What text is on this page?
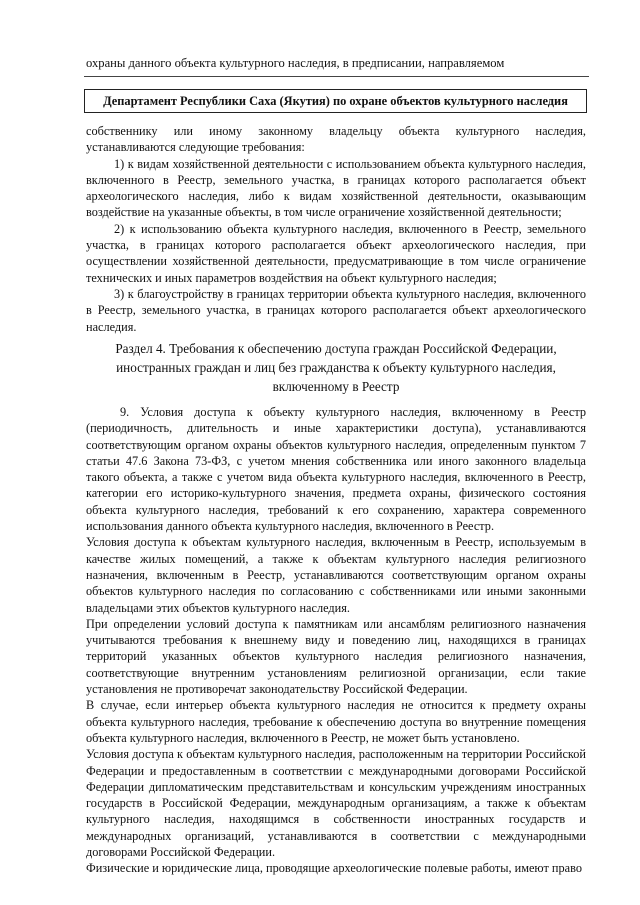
охраны данного объекта культурного наследия, в предписании, направляемом
Департамент Республики Саха (Якутия) по охране объектов культурного наследия

собственнику или иному законному владельцу объекта культурного наследия, устанавливаются следующие требования:

1) к видам хозяйственной деятельности с использованием объекта культурного наследия, включенного в Реестр, земельного участка, в границах которого располагается объект археологического наследия, либо к видам хозяйственной деятельности, оказывающим воздействие на указанные объекты, в том числе ограничение хозяйственной деятельности;

2) к использованию объекта культурного наследия, включенного в Реестр, земельного участка, в границах которого располагается объект археологического наследия, при осуществлении хозяйственной деятельности, предусматривающие в том числе ограничение технических и иных параметров воздействия на объект культурного наследия;

3) к благоустройству в границах территории объекта культурного наследия, включенного в Реестр, земельного участка, в границах которого располагается объект археологического наследия.

Раздел 4. Требования к обеспечению доступа граждан Российской Федерации,
иностранных граждан и лиц без гражданства к объекту культурного наследия,
включенному в Реестр

9. Условия доступа к объекту культурного наследия, включенному в Реестр (периодичность, длительность и иные характеристики доступа), устанавливаются соответствующим органом охраны объектов культурного наследия, определенным пунктом 7 статьи 47.6 Закона 73-ФЗ, с учетом мнения собственника или иного законного владельца такого объекта, а также с учетом вида объекта культурного наследия, включенного в Реестр, категории его историко-культурного значения, предмета охраны, физического состояния объекта культурного наследия, требований к его сохранению, характера современного использования данного объекта культурного наследия, включенного в Реестр.

Условия доступа к объектам культурного наследия, включенным в Реестр, используемым в качестве жилых помещений, а также к объектам культурного наследия религиозного назначения, включенным в Реестр, устанавливаются соответствующим органом охраны объектов культурного наследия по согласованию с собственниками или иными законными владельцами этих объектов культурного наследия.

При определении условий доступа к памятникам или ансамблям религиозного назначения учитываются требования к внешнему виду и поведению лиц, находящихся в границах территорий указанных объектов культурного наследия религиозного назначения, соответствующие внутренним установлениям религиозной организации, если такие установления не противоречат законодательству Российской Федерации.

В случае, если интерьер объекта культурного наследия не относится к предмету охраны объекта культурного наследия, требование к обеспечению доступа во внутренние помещения объекта культурного наследия, включенного в Реестр, не может быть установлено.

Условия доступа к объектам культурного наследия, расположенным на территории Российской Федерации и предоставленным в соответствии с международными договорами Российской Федерации дипломатическим представительствам и консульским учреждениям иностранных государств в Российской Федерации, международным организациям, а также к объектам культурного наследия, находящимся в собственности иностранных государств и международных организаций, устанавливаются в соответствии с международными договорами Российской Федерации.

Физические и юридические лица, проводящие археологические полевые работы, имеют право
